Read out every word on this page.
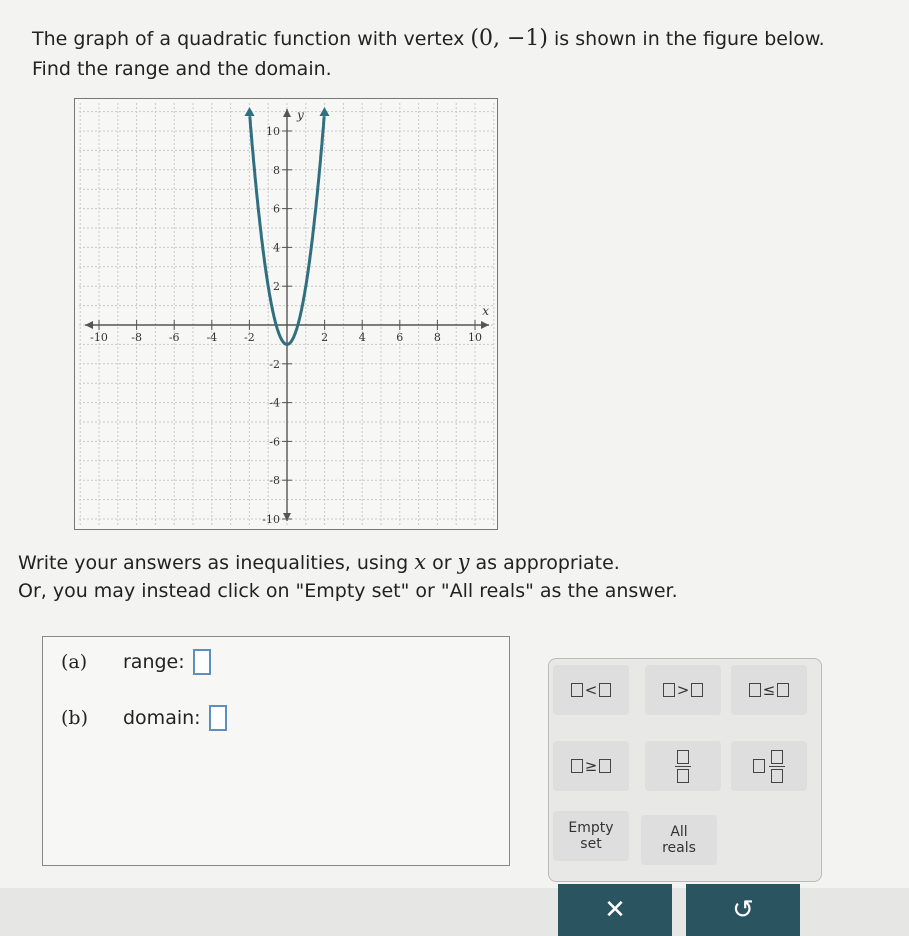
The graph of a quadratic function with vertex (0, −1) is shown in the figure below.
Find the range and the domain.
-10 -8 -6 -4 -2	2	4	6	8 10
10
8
6
4
2
-2
-4
-6
-8
-10
x
y
Write your answers as inequalities, using x or y as appropriate.
Or, you may instead click on "Empty set" or "All reals" as the answer.
(a)	range:
(b)	domain:
<	>	≤
≥
Empty
set
All
reals
✕	↺
